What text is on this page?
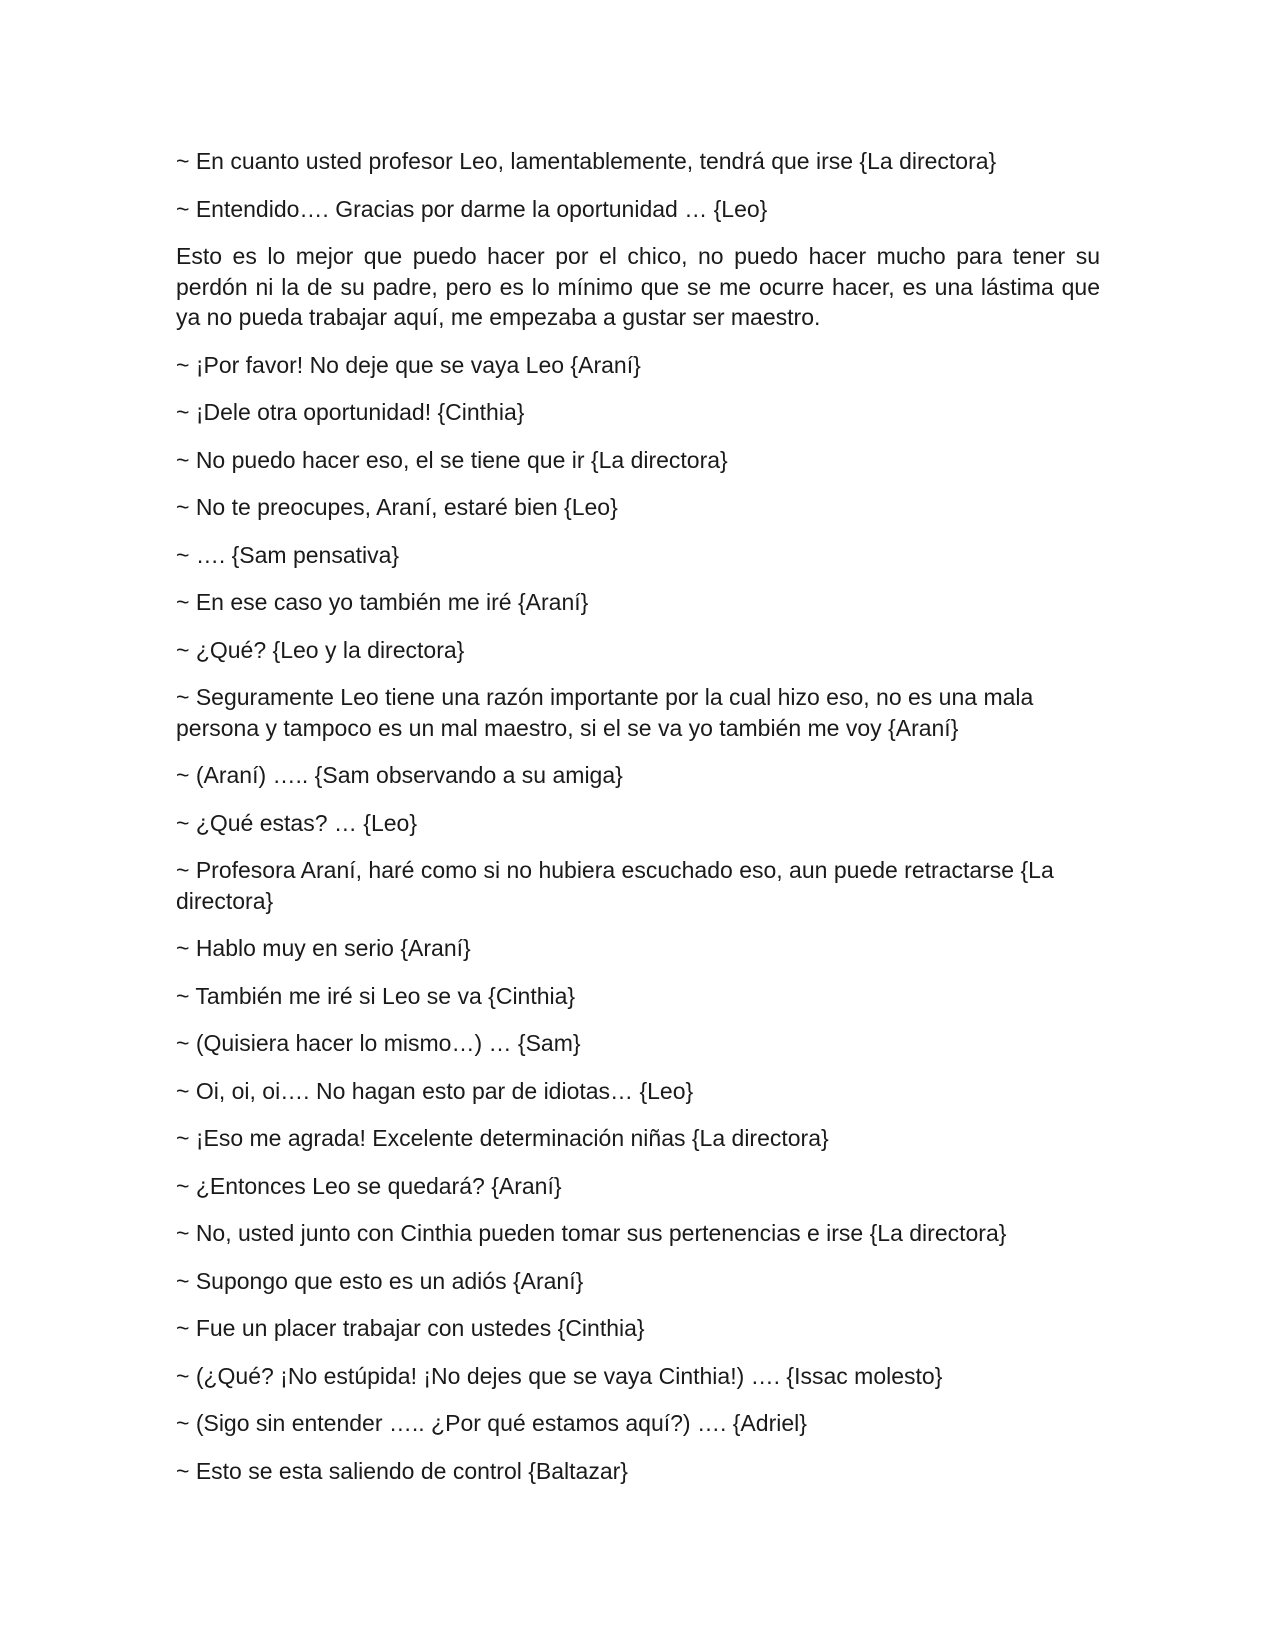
~ En cuanto usted profesor Leo, lamentablemente, tendrá que irse {La directora}

~ Entendido…. Gracias por darme la oportunidad … {Leo}

Esto es lo mejor que puedo hacer por el chico, no puedo hacer mucho para tener su perdón ni la de su padre, pero es lo mínimo que se me ocurre hacer, es una lástima que ya no pueda trabajar aquí, me empezaba a gustar ser maestro.

~ ¡Por favor! No deje que se vaya Leo {Araní}

~ ¡Dele otra oportunidad! {Cinthia}

~ No puedo hacer eso, el se tiene que ir {La directora}

~ No te preocupes, Araní, estaré bien {Leo}

~ …. {Sam pensativa}

~ En ese caso yo también me iré {Araní}

~ ¿Qué? {Leo y la directora}

~ Seguramente Leo tiene una razón importante por la cual hizo eso, no es una mala persona y tampoco es un mal maestro, si el se va yo también me voy {Araní}

~ (Araní) ….. {Sam observando a su amiga}

~ ¿Qué estas? … {Leo}

~ Profesora Araní, haré como si no hubiera escuchado eso, aun puede retractarse {La directora}

~ Hablo muy en serio {Araní}

~ También me iré si Leo se va {Cinthia}

~ (Quisiera hacer lo mismo…) … {Sam}

~ Oi, oi, oi…. No hagan esto par de idiotas… {Leo}

~ ¡Eso me agrada! Excelente determinación niñas {La directora}

~ ¿Entonces Leo se quedará? {Araní}

~ No, usted junto con Cinthia pueden tomar sus pertenencias e irse {La directora}

~ Supongo que esto es un adiós {Araní}

~ Fue un placer trabajar con ustedes {Cinthia}

~ (¿Qué? ¡No estúpida! ¡No dejes que se vaya Cinthia!) …. {Issac molesto}

~ (Sigo sin entender ….. ¿Por qué estamos aquí?) …. {Adriel}

~ Esto se esta saliendo de control {Baltazar}
